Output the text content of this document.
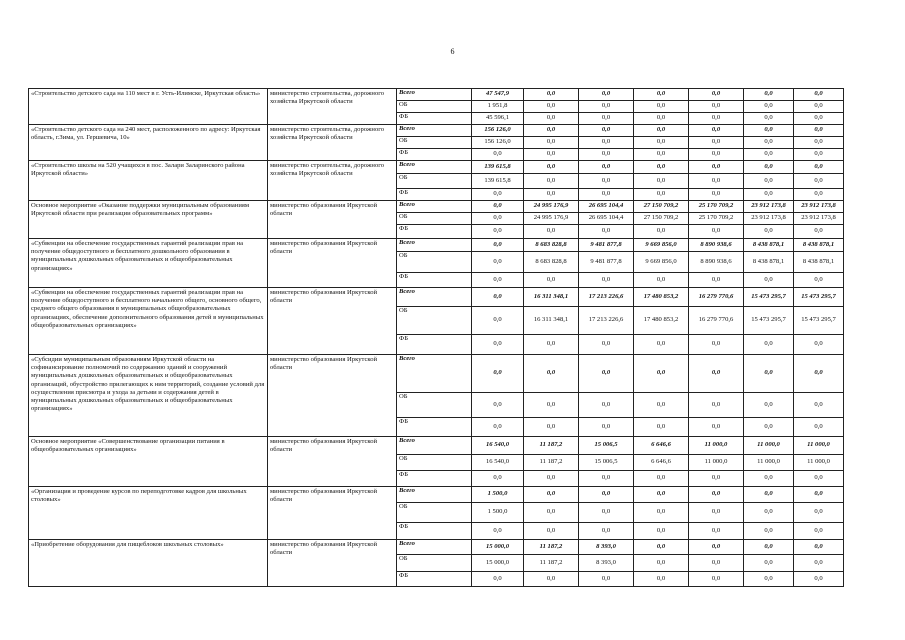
6
«Строительство детского сада на 110 мест в г. Усть-Илимске, Иркутская область»	министерство строительства, дорожного хозяйства Иркутской области	Всего	47 547,9	0,0	0,0	0,0	0,0	0,0	0,0
		ОБ	1 951,8	0,0	0,0	0,0	0,0	0,0	0,0
		ФБ	45 596,1	0,0	0,0	0,0	0,0	0,0	0,0
«Строительство детского сада на 240 мест, расположенного по адресу: Иркутская область, г.Зима, ул. Гершевича, 10»	министерство строительства, дорожного хозяйства Иркутской области	Всего	156 126,0	0,0	0,0	0,0	0,0	0,0	0,0
		ОБ	156 126,0	0,0	0,0	0,0	0,0	0,0	0,0
		ФБ	0,0	0,0	0,0	0,0	0,0	0,0	0,0
«Строительство школы на 520 учащихся в пос. Залари Заларинского района Иркутской области»	министерство строительства, дорожного хозяйства Иркутской области	Всего	139 615,8	0,0	0,0	0,0	0,0	0,0	0,0
		ОБ	139 615,8	0,0	0,0	0,0	0,0	0,0	0,0
		ФБ	0,0	0,0	0,0	0,0	0,0	0,0	0,0
Основное мероприятие «Оказание поддержки муниципальным образованиям Иркутской области при реализации образовательных программ»	министерство образования Иркутской области	Всего	0,0	24 995 176,9	26 695 104,4	27 150 709,2	25 170 709,2	23 912 173,8	23 912 173,8
		ОБ	0,0	24 995 176,9	26 695 104,4	27 150 709,2	25 170 709,2	23 912 173,8	23 912 173,8
		ФБ	0,0	0,0	0,0	0,0	0,0	0,0	0,0
«Субвенции на обеспечение государственных гарантий реализации прав на получение общедоступного и бесплатного дошкольного образования в муниципальных дошкольных образовательных и общеобразовательных организациях»	министерство образования Иркутской области	Всего	0,0	8 683 828,8	9 481 877,8	9 669 856,0	8 890 938,6	8 438 878,1	8 438 878,1
		ОБ	0,0	8 683 828,8	9 481 877,8	9 669 856,0	8 890 938,6	8 438 878,1	8 438 878,1
		ФБ	0,0	0,0	0,0	0,0	0,0	0,0	0,0
«Субвенции на обеспечение государственных гарантий реализации прав на получение общедоступного и бесплатного начального общего, основного общего, среднего общего образования в муниципальных общеобразовательных организациях, обеспечение дополнительного образования детей в муниципальных общеобразовательных организациях»	министерство образования Иркутской области	Всего	0,0	16 311 348,1	17 213 226,6	17 480 853,2	16 279 770,6	15 473 295,7	15 473 295,7
		ОБ	0,0	16 311 348,1	17 213 226,6	17 480 853,2	16 279 770,6	15 473 295,7	15 473 295,7
		ФБ	0,0	0,0	0,0	0,0	0,0	0,0	0,0
«Субсидии муниципальным образованиям Иркутской области на софинансирование полномочий по содержанию зданий и сооружений муниципальных дошкольных образовательных и общеобразовательных организаций, обустройство прилегающих к ним территорий, создание условий для осуществления присмотра и ухода за детьми и содержания детей в муниципальных дошкольных образовательных и общеобразовательных организациях»	министерство образования Иркутской области	Всего	0,0	0,0	0,0	0,0	0,0	0,0	0,0
		ОБ	0,0	0,0	0,0	0,0	0,0	0,0	0,0
		ФБ	0,0	0,0	0,0	0,0	0,0	0,0	0,0
Основное мероприятие «Совершенствование организации питания в общеобразовательных организациях»	министерство образования Иркутской области	Всего	16 540,0	11 187,2	15 006,5	6 646,6	11 000,0	11 000,0	11 000,0
		ОБ	16 540,0	11 187,2	15 006,5	6 646,6	11 000,0	11 000,0	11 000,0
		ФБ	0,0	0,0	0,0	0,0	0,0	0,0	0,0
«Организация и проведение курсов по переподготовке кадров для школьных столовых»	министерство образования Иркутской области	Всего	1 500,0	0,0	0,0	0,0	0,0	0,0	0,0
		ОБ	1 500,0	0,0	0,0	0,0	0,0	0,0	0,0
		ФБ	0,0	0,0	0,0	0,0	0,0	0,0	0,0
«Приобретение оборудования для пищеблоков школьных столовых»	министерство образования Иркутской области	Всего	15 000,0	11 187,2	8 393,0	0,0	0,0	0,0	0,0
		ОБ	15 000,0	11 187,2	8 393,0	0,0	0,0	0,0	0,0
		ФБ	0,0	0,0	0,0	0,0	0,0	0,0	0,0
